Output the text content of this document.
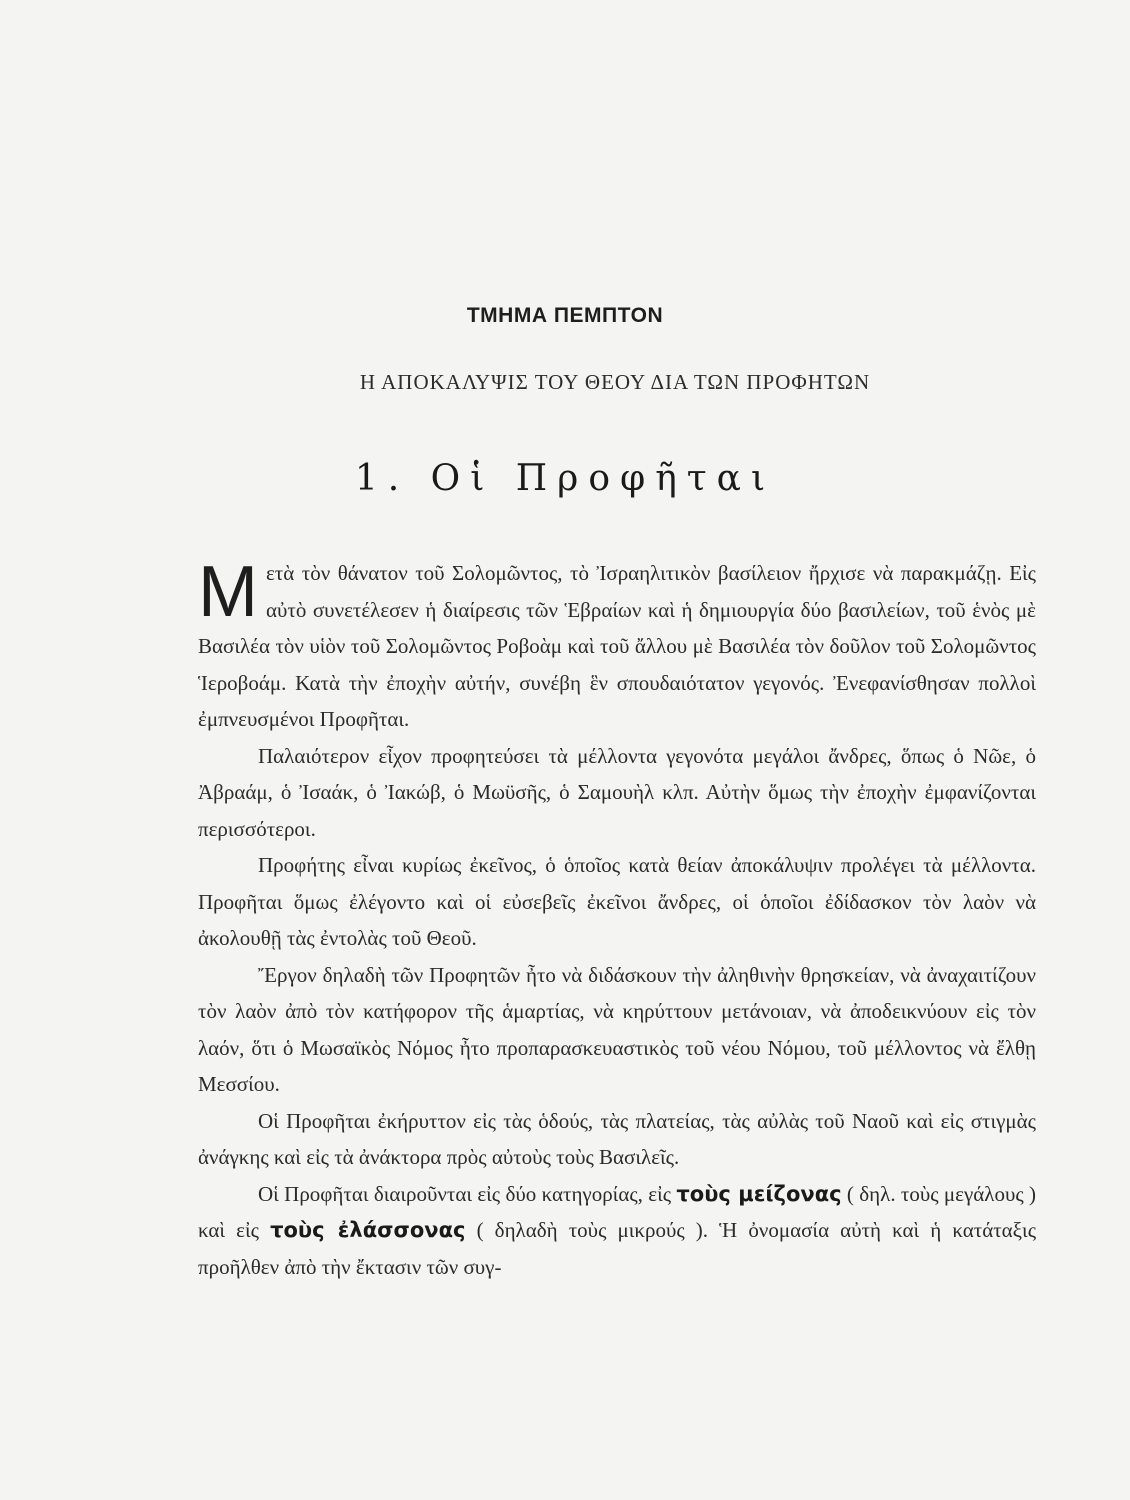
ΤΜΗΜΑ ΠΕΜΠΤΟΝ
Η ΑΠΟΚΑΛΥΨΙΣ ΤΟΥ ΘΕΟΥ ΔΙΑ ΤΩΝ ΠΡΟΦΗΤΩΝ
1. Οἱ Προφῆται

Μετὰ τὸν θάνατον τοῦ Σολομῶντος, τὸ Ἰσραηλιτικὸν βασίλειον ἤρχισε νὰ παρακμάζῃ. Εἰς αὐτὸ συνετέλεσεν ἡ διαίρεσις τῶν Ἑβραίων καὶ ἡ δημιουργία δύο βασιλείων, τοῦ ἑνὸς μὲ Βασιλέα τὸν υἱὸν τοῦ Σολομῶντος Ροβοὰμ καὶ τοῦ ἄλλου μὲ Βασιλέα τὸν δοῦλον τοῦ Σολομῶντος Ἱεροβοάμ. Κατὰ τὴν ἐποχὴν αὐτήν, συνέβη ἓν σπουδαιότατον γεγονός. Ἐνεφανίσθησαν πολλοὶ ἐμπνευσμένοι Προφῆται.

Παλαιότερον εἶχον προφητεύσει τὰ μέλλοντα γεγονότα μεγάλοι ἄνδρες, ὅπως ὁ Νῶε, ὁ Ἀβραάμ, ὁ Ἰσαάκ, ὁ Ἰακώβ, ὁ Μωϋσῆς, ὁ Σαμουὴλ κλπ. Αὐτὴν ὅμως τὴν ἐποχὴν ἐμφανίζονται περισσότεροι.

Προφήτης εἶναι κυρίως ἐκεῖνος, ὁ ὁποῖος κατὰ θείαν ἀποκάλυψιν προλέγει τὰ μέλλοντα. Προφῆται ὅμως ἐλέγοντο καὶ οἱ εὐσεβεῖς ἐκεῖνοι ἄνδρες, οἱ ὁποῖοι ἐδίδασκον τὸν λαὸν νὰ ἀκολουθῇ τὰς ἐντολὰς τοῦ Θεοῦ.

Ἔργον δηλαδὴ τῶν Προφητῶν ἦτο νὰ διδάσκουν τὴν ἀληθινὴν θρησκείαν, νὰ ἀναχαιτίζουν τὸν λαὸν ἀπὸ τὸν κατήφορον τῆς ἁμαρτίας, νὰ κηρύττουν μετάνοιαν, νὰ ἀποδεικνύουν εἰς τὸν λαόν, ὅτι ὁ Μωσαϊκὸς Νόμος ἦτο προπαρασκευαστικὸς τοῦ νέου Νόμου, τοῦ μέλλοντος νὰ ἔλθῃ Μεσσίου.

Οἱ Προφῆται ἐκήρυττον εἰς τὰς ὁδούς, τὰς πλατείας, τὰς αὐλὰς τοῦ Ναοῦ καὶ εἰς στιγμὰς ἀνάγκης καὶ εἰς τὰ ἀνάκτορα πρὸς αὐτοὺς τοὺς Βασιλεῖς.

Οἱ Προφῆται διαιροῦνται εἰς δύο κατηγορίας, εἰς τοὺς μείζονας ( δηλ. τοὺς μεγάλους ) καὶ εἰς τοὺς ἐλάσσονας ( δηλαδὴ τοὺς μικρούς ). Ἡ ὀνομασία αὐτὴ καὶ ἡ κατάταξις προῆλθεν ἀπὸ τὴν ἔκτασιν τῶν συγ-
